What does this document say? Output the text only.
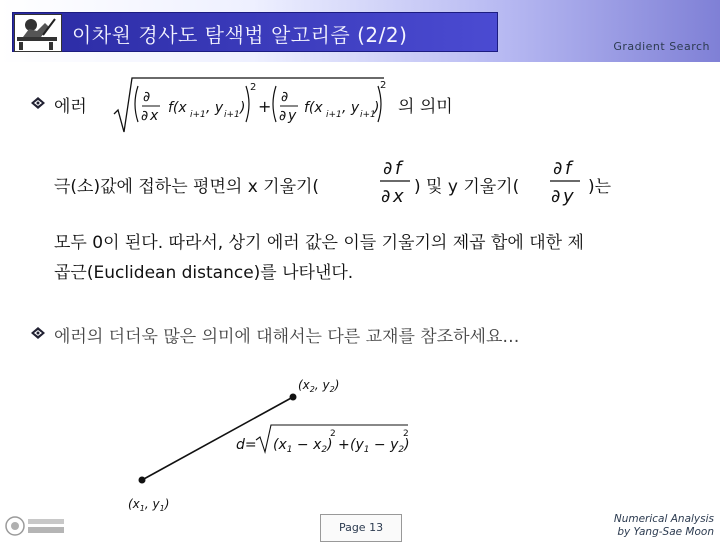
이차원 경사도 탐색법 알고리즘 (2/2)	Gradient Search
에러	∂
∂ x f(x i+1 , y i+1 )
2
+ ∂
∂ y f(x i+1 , y i+1
)
2
의 의미
극(소)값에 접하는 평면의 x 기울기(
∂ f
∂ x ) 및 y 기울기(
∂ f
∂ y )는
모두 0이 된다. 따라서, 상기 에러 값은 이들 기울기의 제곱 합에 대한 제
곱근(Euclidean distance)를 나타낸다.
에러의 더더욱 많은 의미에 대해서는 다른 교재를 참조하세요…
($x_2$, $y_2$)
($x_1$, $y_1$)
$d= (x_1 - x_2)$
2
+ $(y_1 - y_2)$
2
Page 13
Numerical Analysis
by Yang-Sae Moon
